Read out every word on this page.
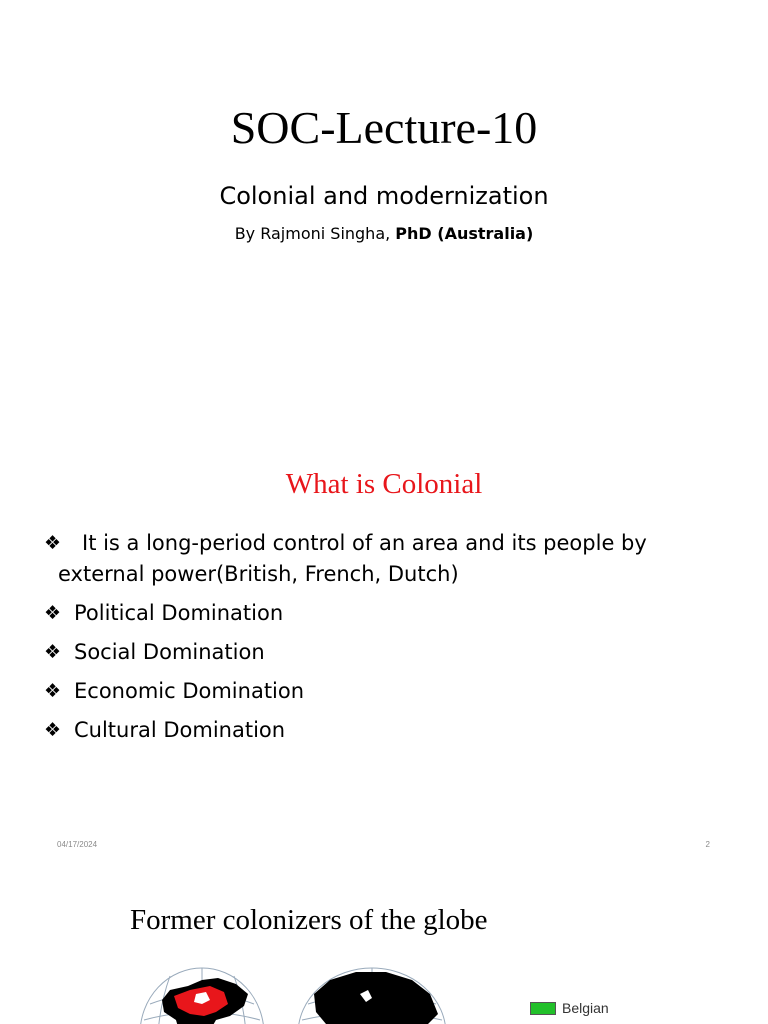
SOC-Lecture-10
Colonial and modernization
By Rajmoni Singha, PhD (Australia)
What is Colonial
❖ It is a long-period control of an area and its people by
external power(British, French, Dutch)
❖ Political Domination
❖ Social Domination
❖ Economic Domination
❖ Cultural Domination
04/17/2024	2
Former colonizers of the globe
Belgian
